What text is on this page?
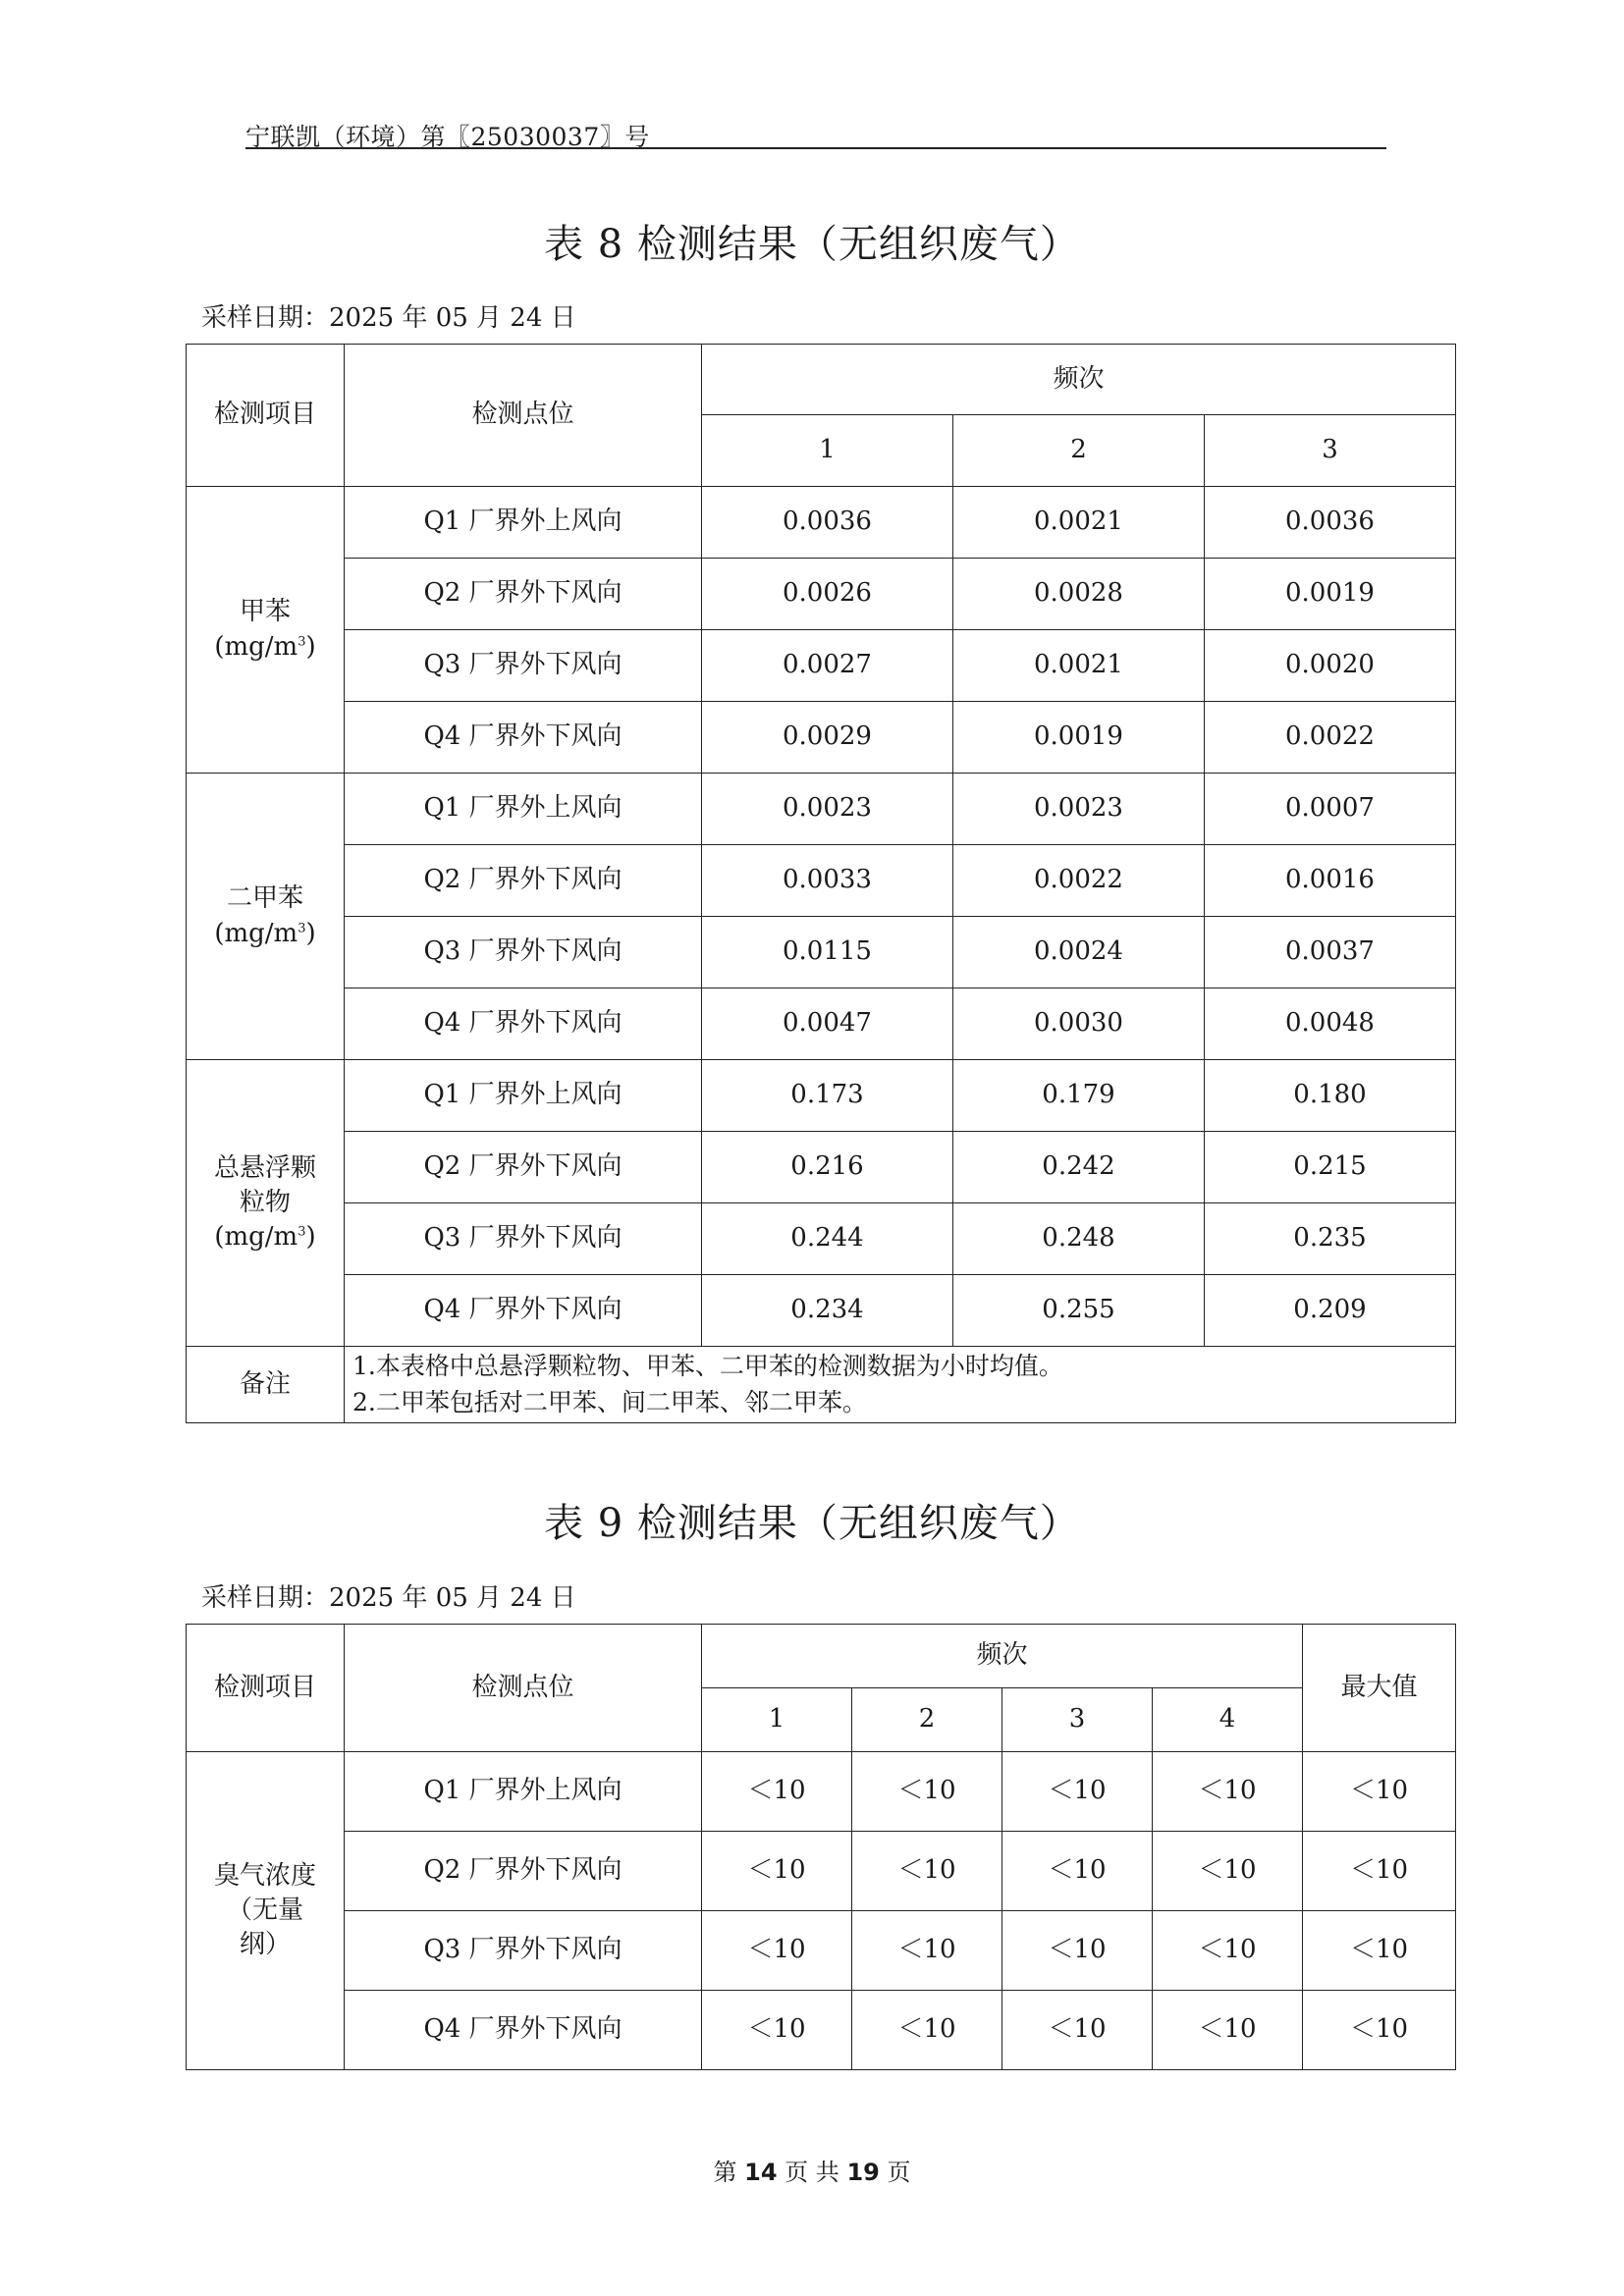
宁联凯（环境）第〖25030037〗号
表 8 检测结果（无组织废气）
采样日期：2025 年 05 月 24 日
检测项目	检测点位	频次		
		1	2	3

甲苯
$(mg/m^3)$	Q1 厂界外上风向	0.0036	0.0021	0.0036
	Q2 厂界外下风向	0.0026	0.0028	0.0019
	Q3 厂界外下风向	0.0027	0.0021	0.0020
	Q4 厂界外下风向	0.0029	0.0019	0.0022

二甲苯
$(mg/m^3)$	Q1 厂界外上风向	0.0023	0.0023	0.0007
	Q2 厂界外下风向	0.0033	0.0022	0.0016
	Q3 厂界外下风向	0.0115	0.0024	0.0037
	Q4 厂界外下风向	0.0047	0.0030	0.0048

总悬浮颗
粒物
$(mg/m^3)$	Q1 厂界外上风向	0.173	0.179	0.180
	Q2 厂界外下风向	0.216	0.242	0.215
	Q3 厂界外下风向	0.244	0.248	0.235
	Q4 厂界外下风向	0.234	0.255	0.209
备注	1.本表格中总悬浮颗粒物、甲苯、二甲苯的检测数据为小时均值。
2.二甲苯包括对二甲苯、间二甲苯、邻二甲苯。			
表 9 检测结果（无组织废气）
采样日期：2025 年 05 月 24 日
检测项目	检测点位	频次				最大值
		1	2	3	4	

臭气浓度
（无量
纲）	Q1 厂界外上风向	＜10	＜10	＜10	＜10	＜10
	Q2 厂界外下风向	＜10	＜10	＜10	＜10	＜10
	Q3 厂界外下风向	＜10	＜10	＜10	＜10	＜10
	Q4 厂界外下风向	＜10	＜10	＜10	＜10	＜10
第 14 页 共 19 页
